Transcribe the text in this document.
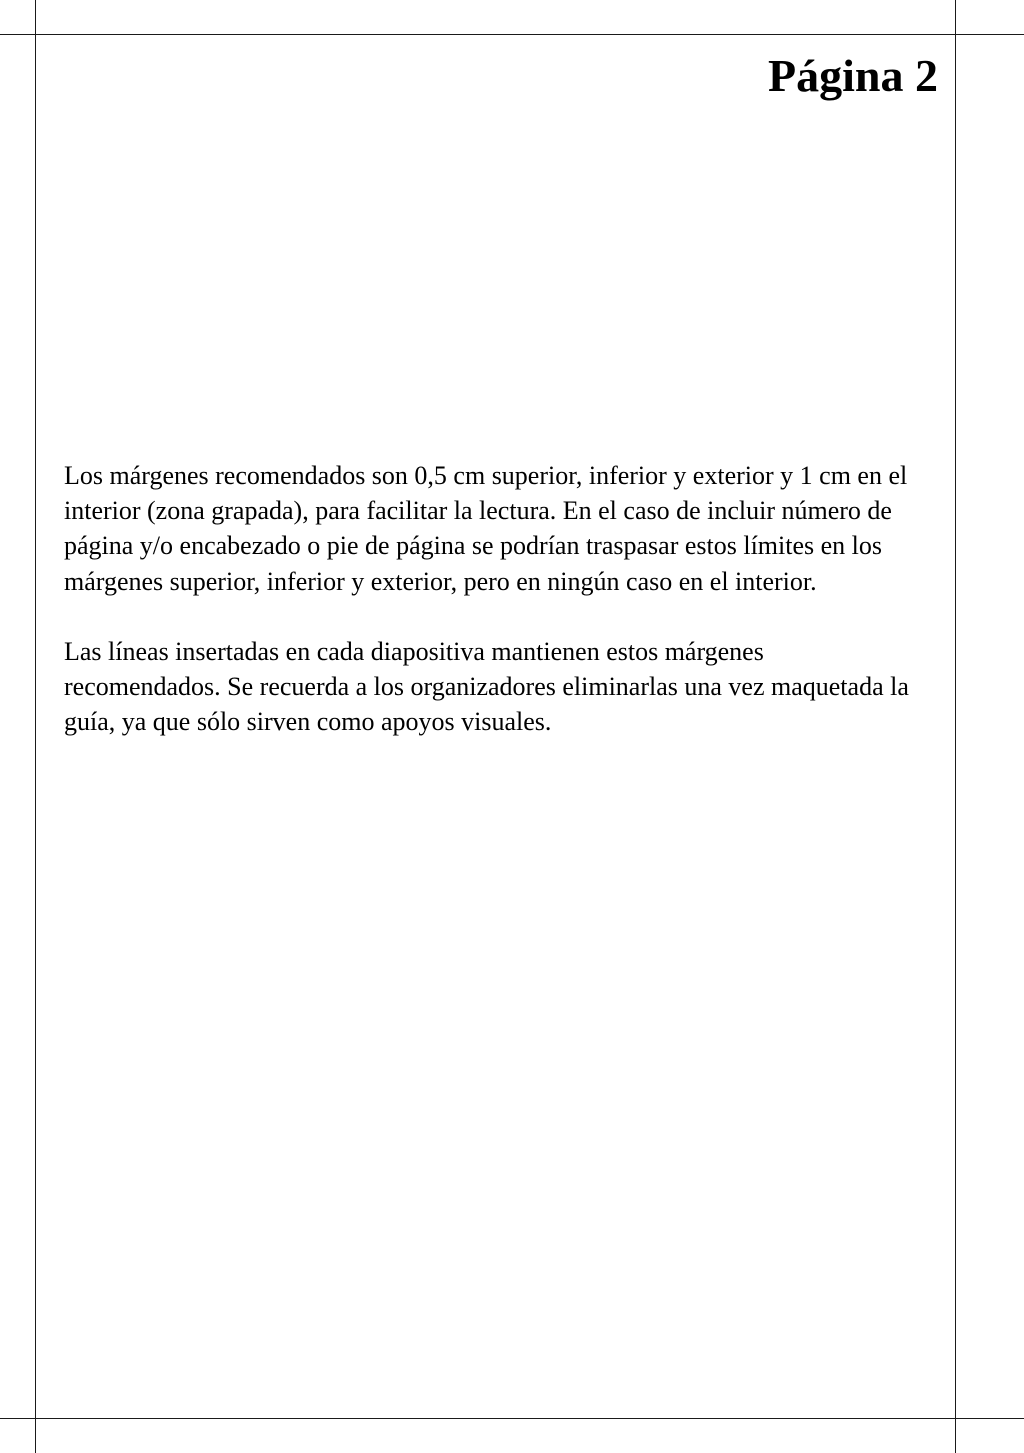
Página 2

Los márgenes recomendados son 0,5 cm superior, inferior y exterior y 1 cm en el interior (zona grapada), para facilitar la lectura. En el caso de incluir número de página y/o encabezado o pie de página se podrían traspasar estos límites en los márgenes superior, inferior y exterior, pero en ningún caso en el interior.

Las líneas insertadas en cada diapositiva mantienen estos márgenes recomendados. Se recuerda a los organizadores eliminarlas una vez maquetada la guía, ya que sólo sirven como apoyos visuales.
